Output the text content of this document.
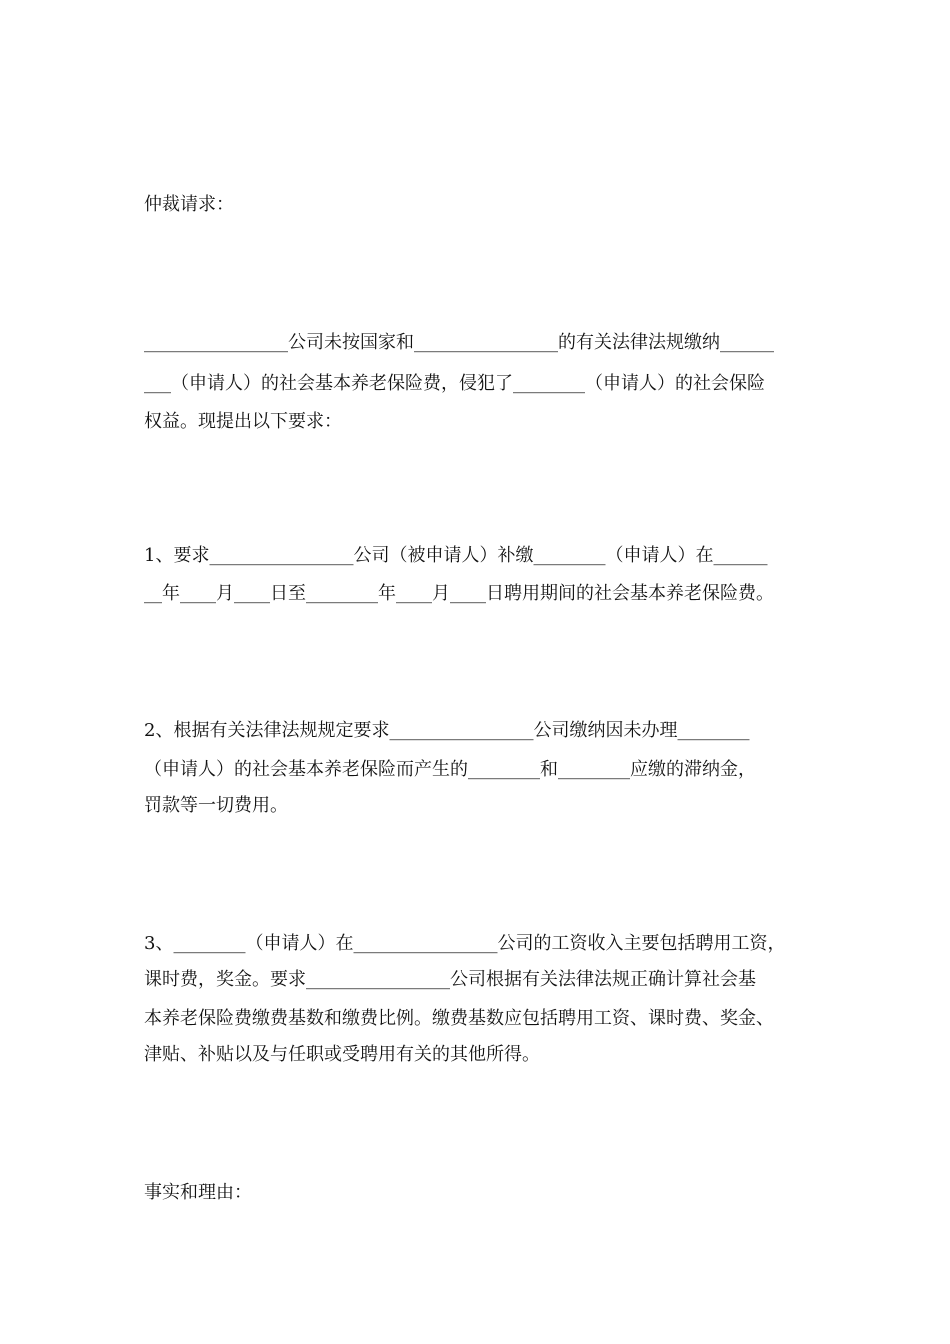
仲裁请求：
________________公司未按国家和________________的有关法律法规缴纳______
___（申请人）的社会基本养老保险费，侵犯了________（申请人）的社会保险
权益。现提出以下要求：
1、要求________________公司（被申请人）补缴________（申请人）在______
__年____月____日至________年____月____日聘用期间的社会基本养老保险费。
2、根据有关法律法规规定要求________________公司缴纳因未办理________
（申请人）的社会基本养老保险而产生的________和________应缴的滞纳金，
罚款等一切费用。
3、________（申请人）在________________公司的工资收入主要包括聘用工资，
课时费，奖金。要求________________公司根据有关法律法规正确计算社会基
本养老保险费缴费基数和缴费比例。缴费基数应包括聘用工资、课时费、奖金、
津贴、补贴以及与任职或受聘用有关的其他所得。
事实和理由：
